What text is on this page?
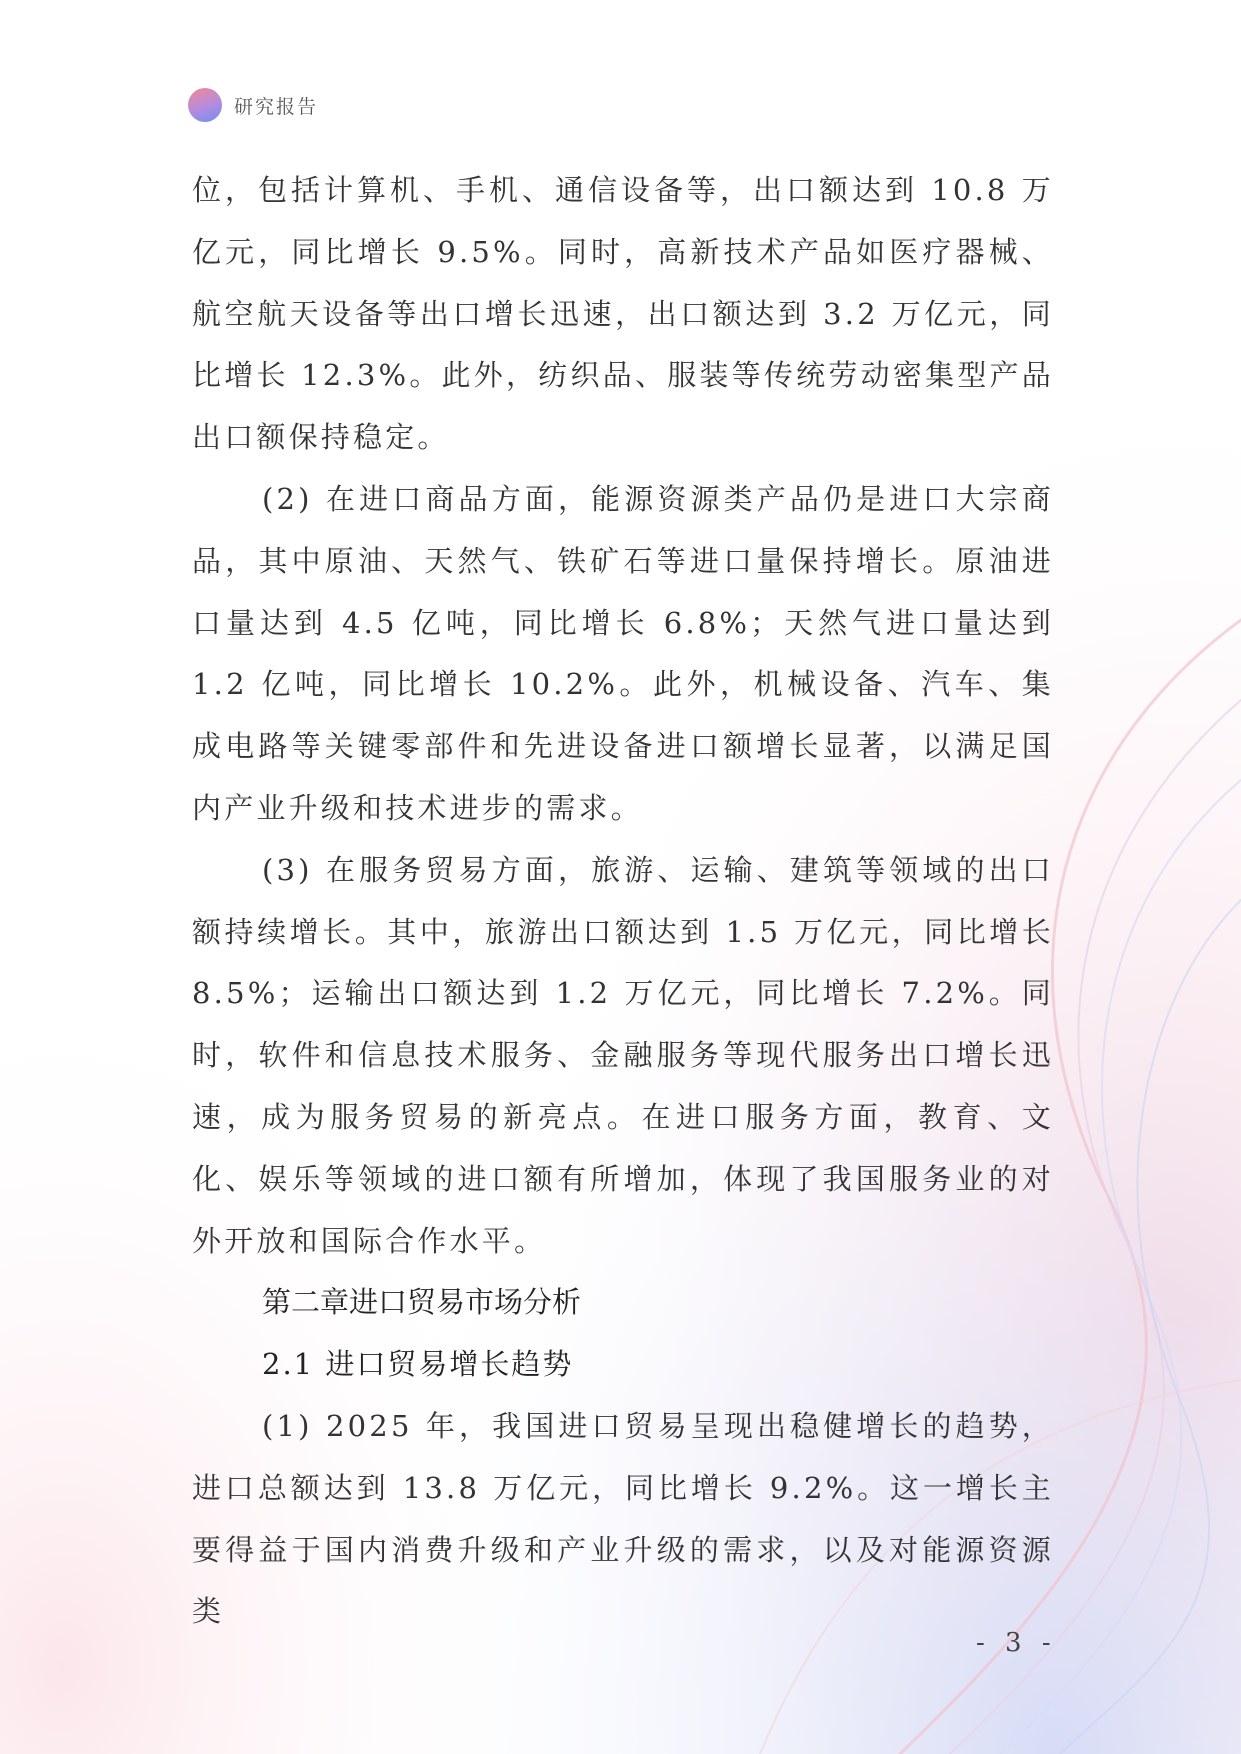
研究报告

位，包括计算机、手机、通信设备等，出口额达到 10.8 万亿元，同比增长 9.5%。同时，高新技术产品如医疗器械、航空航天设备等出口增长迅速，出口额达到 3.2 万亿元，同比增长 12.3%。此外，纺织品、服装等传统劳动密集型产品出口额保持稳定。

(2) 在进口商品方面，能源资源类产品仍是进口大宗商品，其中原油、天然气、铁矿石等进口量保持增长。原油进口量达到 4.5 亿吨，同比增长 6.8%；天然气进口量达到 1.2 亿吨，同比增长 10.2%。此外，机械设备、汽车、集成电路等关键零部件和先进设备进口额增长显著，以满足国内产业升级和技术进步的需求。

(3) 在服务贸易方面，旅游、运输、建筑等领域的出口额持续增长。其中，旅游出口额达到 1.5 万亿元，同比增长 8.5%；运输出口额达到 1.2 万亿元，同比增长 7.2%。同时，软件和信息技术服务、金融服务等现代服务出口增长迅速，成为服务贸易的新亮点。在进口服务方面，教育、文化、娱乐等领域的进口额有所增加，体现了我国服务业的对外开放和国际合作水平。

第二章进口贸易市场分析

2.1 进口贸易增长趋势

(1) 2025 年，我国进口贸易呈现出稳健增长的趋势，进口总额达到 13.8 万亿元，同比增长 9.2%。这一增长主要得益于国内消费升级和产业升级的需求，以及对能源资源类

- 3 -
